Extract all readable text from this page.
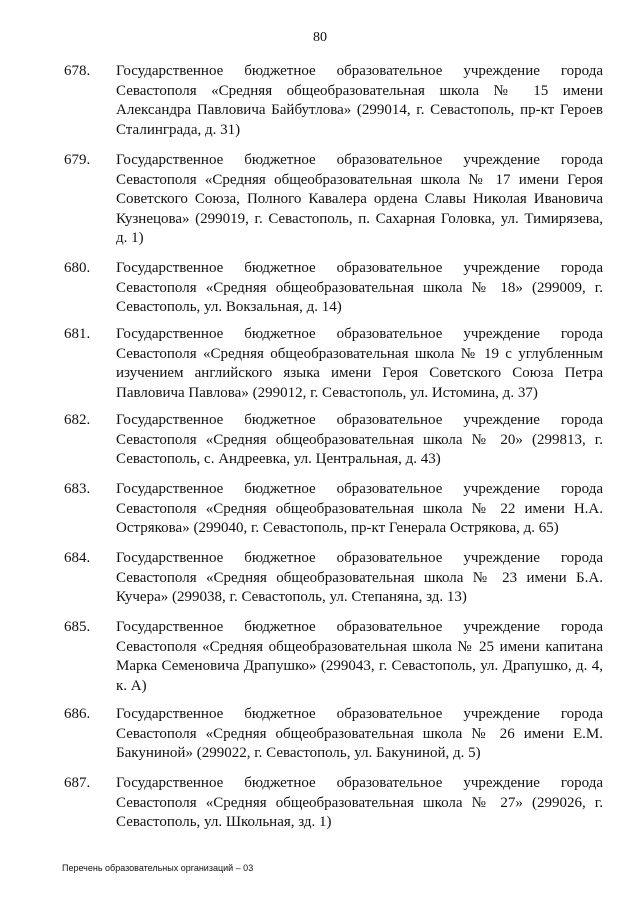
80
678. Государственное бюджетное образовательное учреждение города Севастополя «Средняя общеобразовательная школа № 15 имени Александра Павловича Байбутлова» (299014, г. Севастополь, пр-кт Героев Сталинграда, д. 31)
679. Государственное бюджетное образовательное учреждение города Севастополя «Средняя общеобразовательная школа № 17 имени Героя Советского Союза, Полного Кавалера ордена Славы Николая Ивановича Кузнецова» (299019, г. Севастополь, п. Сахарная Головка, ул. Тимирязева, д. 1)
680. Государственное бюджетное образовательное учреждение города Севастополя «Средняя общеобразовательная школа № 18» (299009, г. Севастополь, ул. Вокзальная, д. 14)
681. Государственное бюджетное образовательное учреждение города Севастополя «Средняя общеобразовательная школа № 19 с углубленным изучением английского языка имени Героя Советского Союза Петра Павловича Павлова» (299012, г. Севастополь, ул. Истомина, д. 37)
682. Государственное бюджетное образовательное учреждение города Севастополя «Средняя общеобразовательная школа № 20» (299813, г. Севастополь, с. Андреевка, ул. Центральная, д. 43)
683. Государственное бюджетное образовательное учреждение города Севастополя «Средняя общеобразовательная школа № 22 имени Н.А. Острякова» (299040, г. Севастополь, пр-кт Генерала Острякова, д. 65)
684. Государственное бюджетное образовательное учреждение города Севастополя «Средняя общеобразовательная школа № 23 имени Б.А. Кучера» (299038, г. Севастополь, ул. Степаняна, зд. 13)
685. Государственное бюджетное образовательное учреждение города Севастополя «Средняя общеобразовательная школа № 25 имени капитана Марка Семеновича Драпушко» (299043, г. Севастополь, ул. Драпушко, д. 4, к. А)
686. Государственное бюджетное образовательное учреждение города Севастополя «Средняя общеобразовательная школа № 26 имени Е.М. Бакуниной» (299022, г. Севастополь, ул. Бакуниной, д. 5)
687. Государственное бюджетное образовательное учреждение города Севастополя «Средняя общеобразовательная школа № 27» (299026, г. Севастополь, ул. Школьная, зд. 1)
Перечень образовательных организаций – 03
